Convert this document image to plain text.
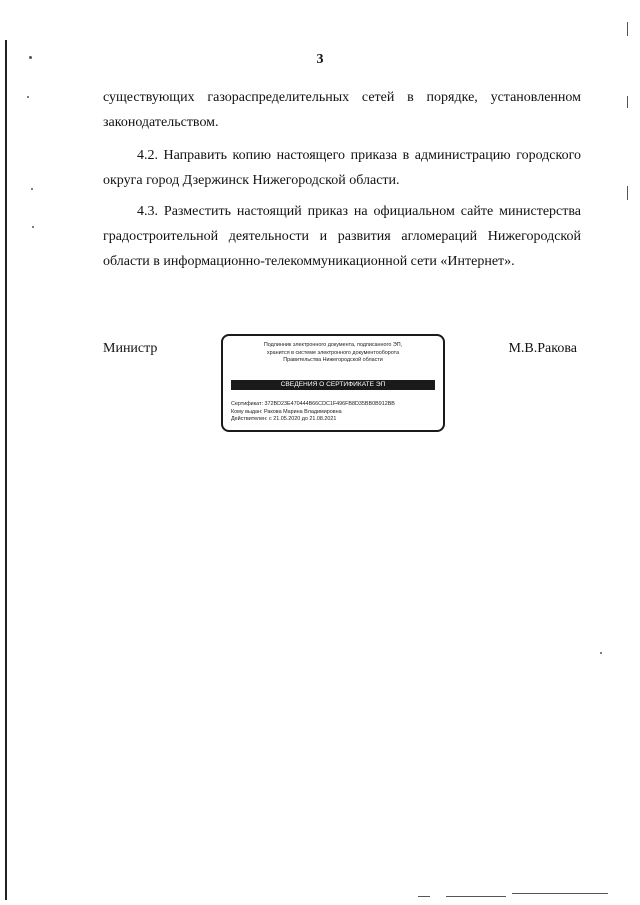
3

существующих газораспределительных сетей в порядке, установленном законодательством.

4.2. Направить копию настоящего приказа в администрацию городского округа город Дзержинск Нижегородской области.

4.3. Разместить настоящий приказ на официальном сайте министерства градостроительной деятельности и развития агломераций Нижегородской области в информационно-телекоммуникационной сети «Интернет».

Министр	Подлинник электронного документа, подписанного ЭП,
хранится в системе электронного документооборота
Правительства Нижегородской области
СВЕДЕНИЯ О СЕРТИФИКАТЕ ЭП
Сертификат: 372BD23E470444B66CDC1F496FB8D35BB0B912BB
Кому выдан: Ракова Марина Владимировна
Действителен: с 21.05.2020 до 21.08.2021
М.В.Ракова
